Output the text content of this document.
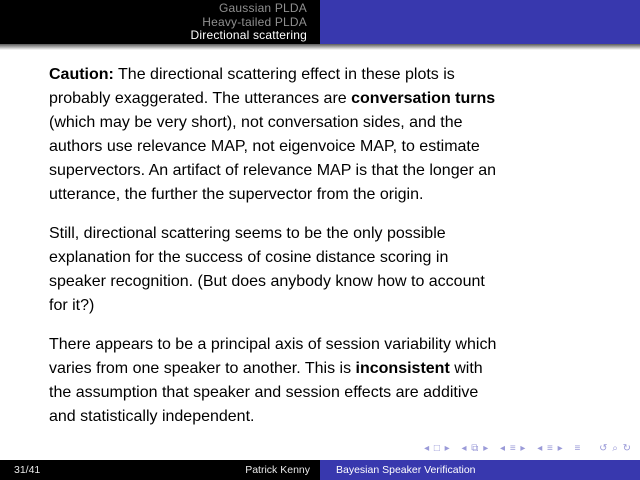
Gaussian PLDA
Heavy-tailed PLDA
Directional scattering
Caution: The directional scattering effect in these plots is
probably exaggerated. The utterances are conversation turns
(which may be very short), not conversation sides, and the
authors use relevance MAP, not eigenvoice MAP, to estimate
supervectors. An artifact of relevance MAP is that the longer an
utterance, the further the supervector from the origin.
Still, directional scattering seems to be the only possible
explanation for the success of cosine distance scoring in
speaker recognition. (But does anybody know how to account
for it?)
There appears to be a principal axis of session variability which
varies from one speaker to another. This is inconsistent with
the assumption that speaker and session effects are additive
and statistically independent.
◂ □ ▸ ◂ ⧉ ▸ ◂ ≡ ▸ ◂ ≡ ▸ ≡ ↺ ⌕ ↻
31/41	Patrick Kenny	Bayesian Speaker Verification
